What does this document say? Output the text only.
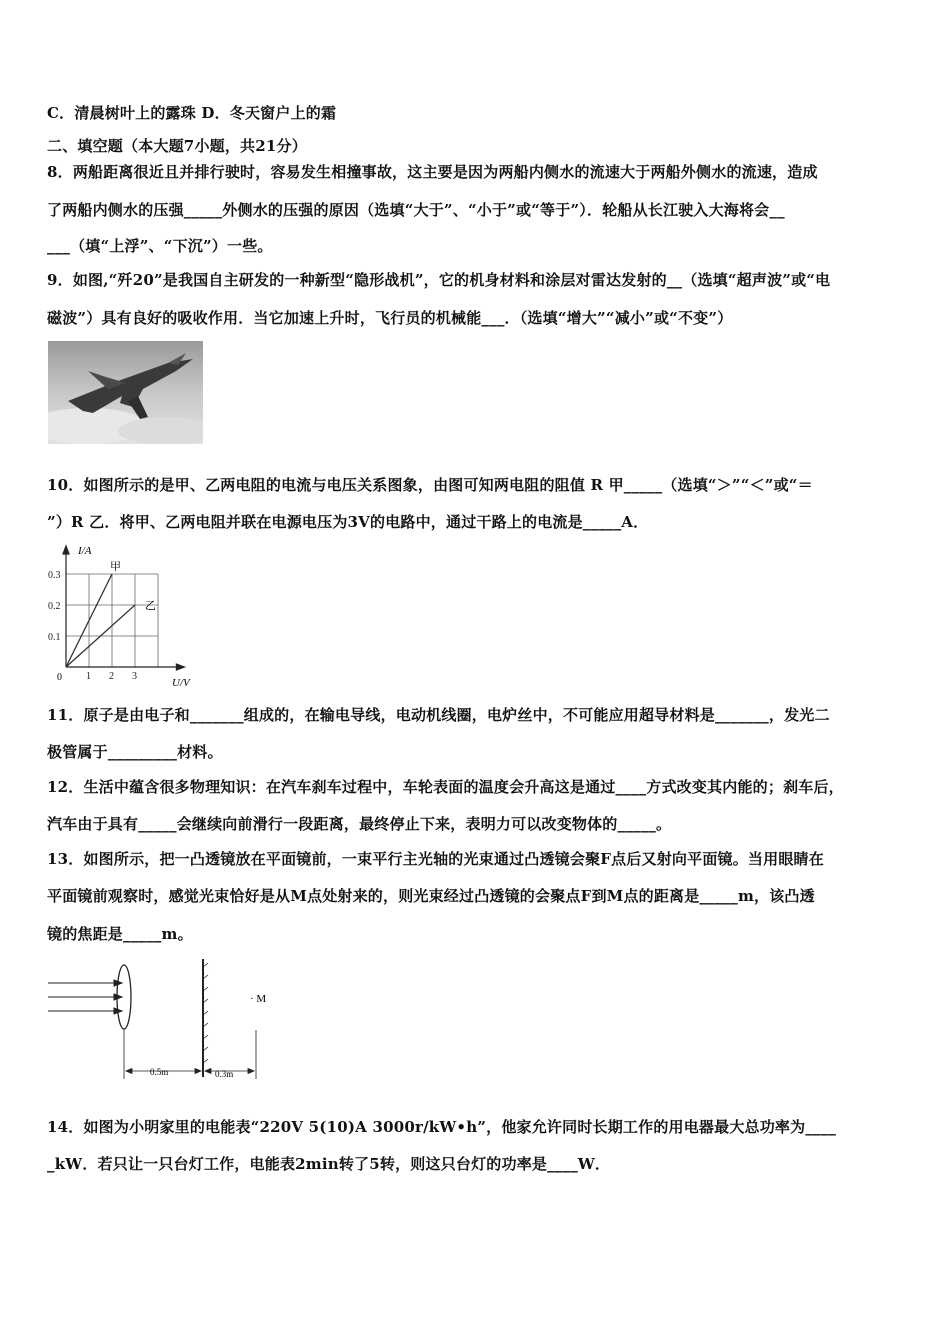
C．清晨树叶上的露珠 D．冬天窗户上的霜
二、填空题（本大题7小题，共21分）
8．两船距离很近且并排行驶时，容易发生相撞事故，这主要是因为两船内侧水的流速大于两船外侧水的流速，造成
了两船内侧水的压强_____外侧水的压强的原因（选填“大于”、“小于”或“等于”）．轮船从长江驶入大海将会__
___（填“上浮”、“下沉”）一些。
9．如图,“歼20”是我国自主研发的一种新型“隐形战机”，它的机身材料和涂层对雷达发射的__（选填“超声波”或“电
磁波”）具有良好的吸收作用．当它加速上升时，飞行员的机械能___．（选填“增大”“减小”或“不变”）
10．如图所示的是甲、乙两电阻的电流与电压关系图象，由图可知两电阻的阻值 R 甲_____（选填“＞”“＜”或“＝
”）R 乙．将甲、乙两电阻并联在电源电压为3V的电路中，通过干路上的电流是_____A．
0.1
0.2
0.3
1 2 3
I/A
U/V
0
甲
乙
11．原子是由电子和_______组成的，在输电导线，电动机线圈，电炉丝中，不可能应用超导材料是_______，发光二
极管属于_________材料。
12．生活中蕴含很多物理知识：在汽车刹车过程中，车轮表面的温度会升高这是通过____方式改变其内能的；刹车后，
汽车由于具有_____会继续向前滑行一段距离，最终停止下来，表明力可以改变物体的_____。
13．如图所示，把一凸透镜放在平面镜前，一束平行主光轴的光束通过凸透镜会聚F点后又射向平面镜。当用眼睛在
平面镜前观察时，感觉光束恰好是从M点处射来的，则光束经过凸透镜的会聚点F到M点的距离是_____m，该凸透
镜的焦距是_____m。
· M
0.5m	0.3m
14．如图为小明家里的电能表“220V 5(10)A 3000r/kW•h”，他家允许同时长期工作的用电器最大总功率为____
_kW．若只让一只台灯工作，电能表2min转了5转，则这只台灯的功率是____W．
